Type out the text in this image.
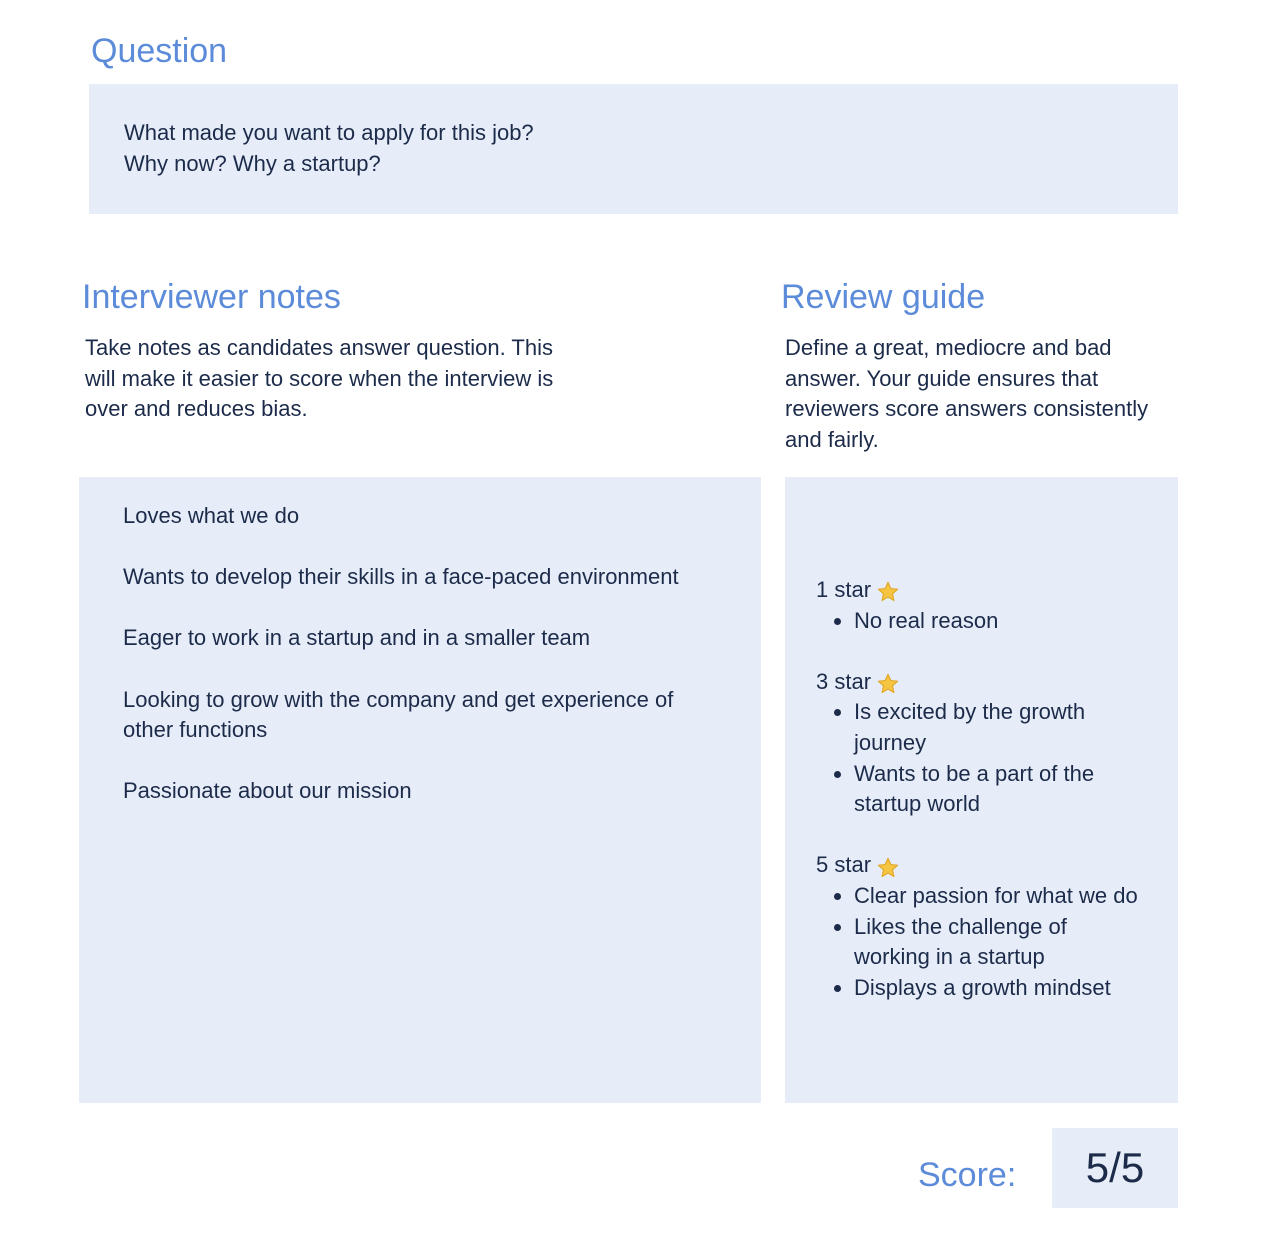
Question
What made you want to apply for this job?
Why now? Why a startup?
Interviewer notes

Take notes as candidates answer question. This will make it easier to score when the interview is over and reduces bias.

Loves what we do

Wants to develop their skills in a face-paced environment

Eager to work in a startup and in a smaller team

Looking to grow with the company and get experience of other functions

Passionate about our mission

Review guide

Define a great, mediocre and bad answer. Your guide ensures that reviewers score answers consistently and fairly.

1 star
No real reason
3 star
Is excited by the growth journey
Wants to be a part of the startup world
5 star
Clear passion for what we do
Likes the challenge of working in a startup
Displays a growth mindset
Score: 5/5
